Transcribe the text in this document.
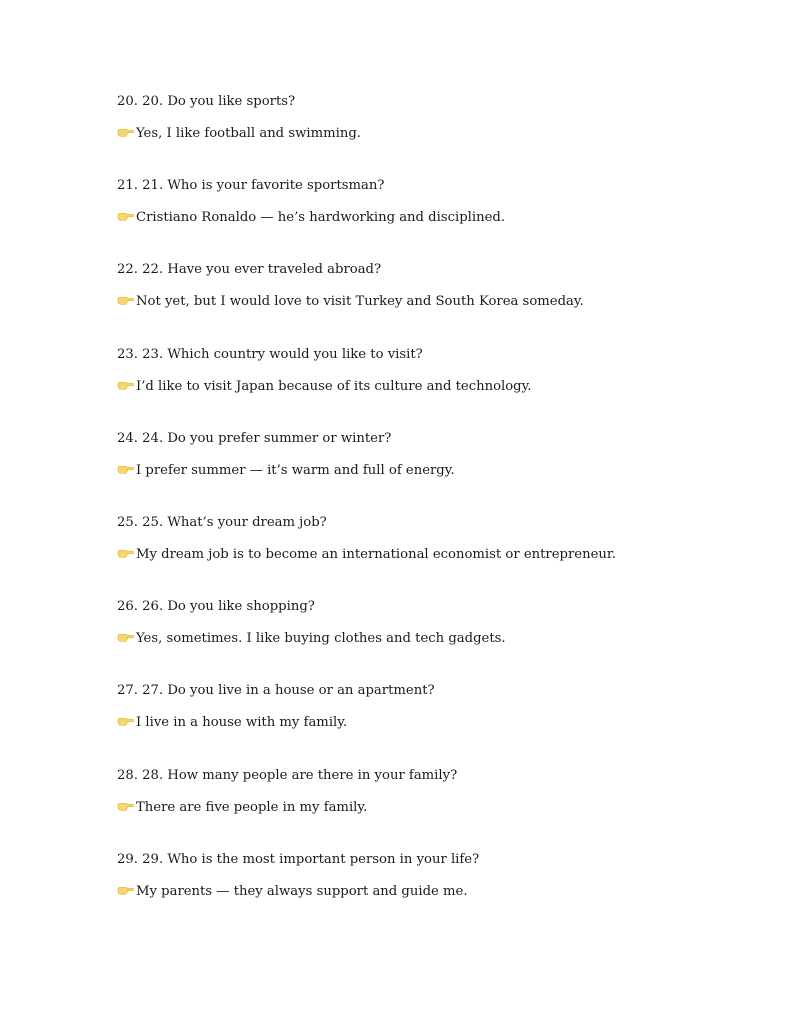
20. 20. Do you like sports?
Yes, I like football and swimming.
21. 21. Who is your favorite sportsman?
Cristiano Ronaldo — he’s hardworking and disciplined.
22. 22. Have you ever traveled abroad?
Not yet, but I would love to visit Turkey and South Korea someday.
23. 23. Which country would you like to visit?
I’d like to visit Japan because of its culture and technology.
24. 24. Do you prefer summer or winter?
I prefer summer — it’s warm and full of energy.
25. 25. What’s your dream job?
My dream job is to become an international economist or entrepreneur.
26. 26. Do you like shopping?
Yes, sometimes. I like buying clothes and tech gadgets.
27. 27. Do you live in a house or an apartment?
I live in a house with my family.
28. 28. How many people are there in your family?
There are five people in my family.
29. 29. Who is the most important person in your life?
My parents — they always support and guide me.
